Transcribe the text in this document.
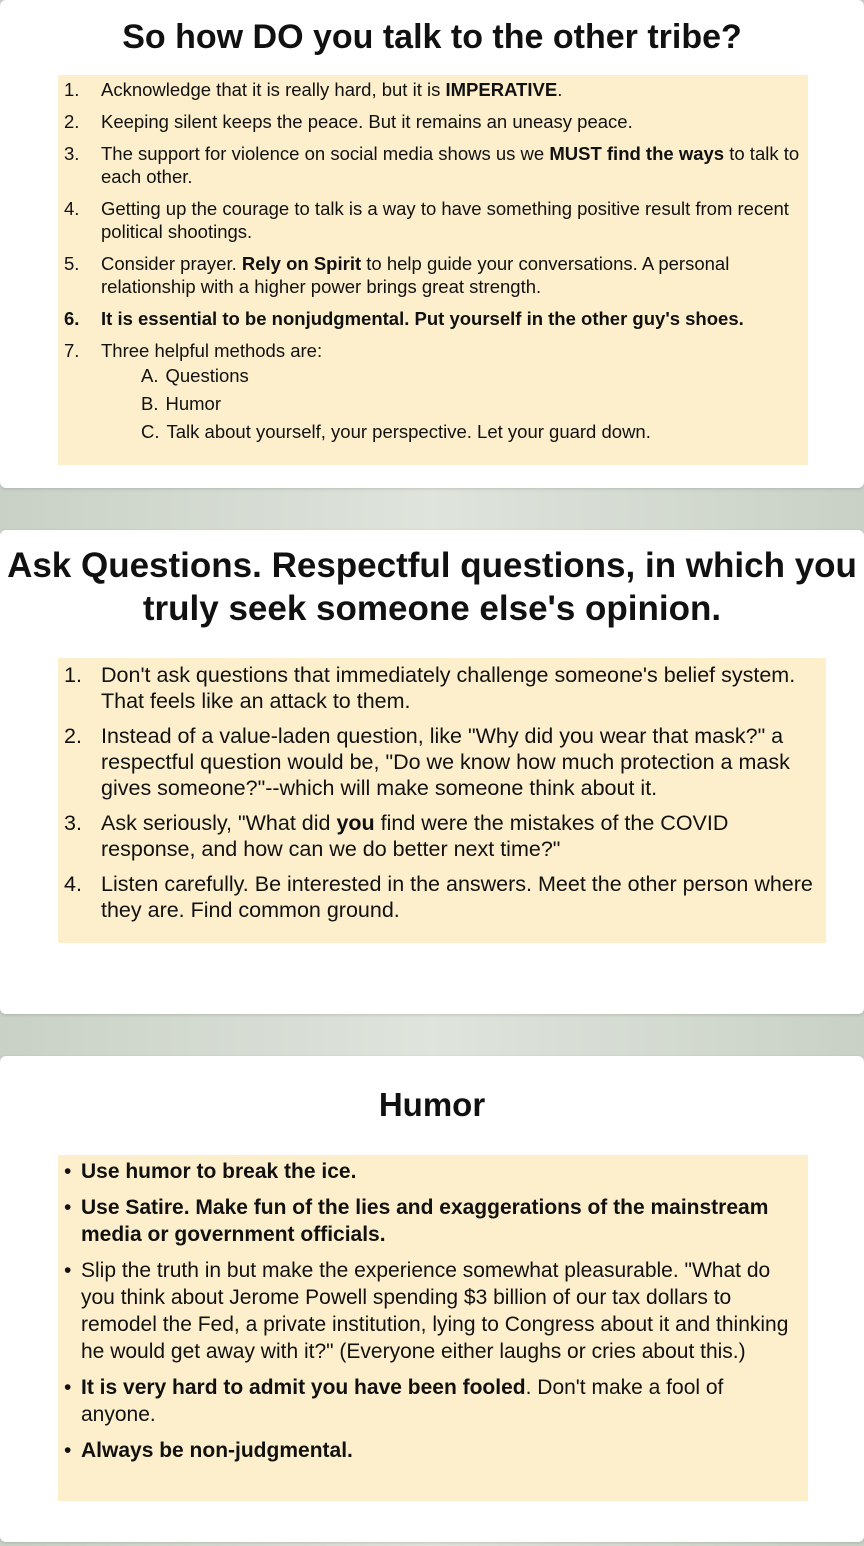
So how DO you talk to the other tribe?
1. Acknowledge that it is really hard, but it is IMPERATIVE.
2. Keeping silent keeps the peace. But it remains an uneasy peace.
3. The support for violence on social media shows us we MUST find the ways to talk to each other.
4. Getting up the courage to talk is a way to have something positive result from recent political shootings.
5. Consider prayer. Rely on Spirit to help guide your conversations. A personal relationship with a higher power brings great strength.
6. It is essential to be nonjudgmental. Put yourself in the other guy's shoes.
7. Three helpful methods are:
A. Questions
B. Humor
C. Talk about yourself, your perspective. Let your guard down.
Ask Questions. Respectful questions, in which you truly seek someone else's opinion.
1. Don't ask questions that immediately challenge someone's belief system. That feels like an attack to them.
2. Instead of a value-laden question, like "Why did you wear that mask?" a respectful question would be, "Do we know how much protection a mask gives someone?"--which will make someone think about it.
3. Ask seriously, "What did you find were the mistakes of the COVID response, and how can we do better next time?"
4. Listen carefully. Be interested in the answers. Meet the other person where they are. Find common ground.
Humor
• Use humor to break the ice.
• Use Satire. Make fun of the lies and exaggerations of the mainstream media or government officials.
• Slip the truth in but make the experience somewhat pleasurable. "What do you think about Jerome Powell spending $3 billion of our tax dollars to remodel the Fed, a private institution, lying to Congress about it and thinking he would get away with it?" (Everyone either laughs or cries about this.)
• It is very hard to admit you have been fooled. Don't make a fool of anyone.
• Always be non-judgmental.
